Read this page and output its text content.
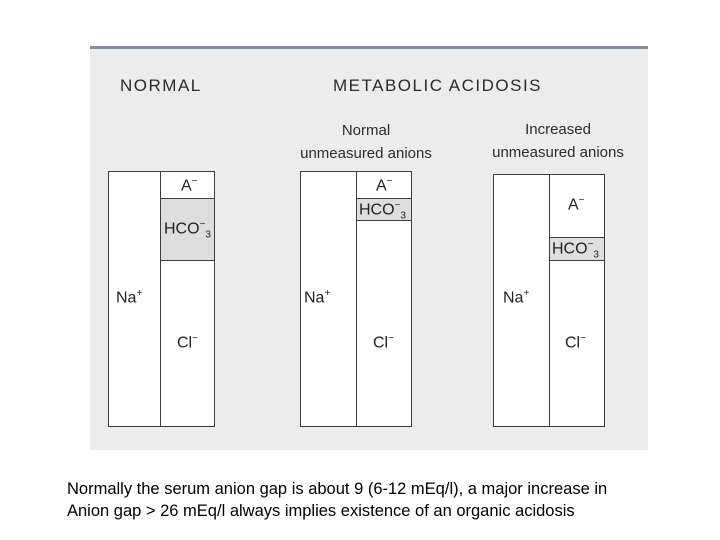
NORMAL	METABOLIC ACIDOSIS
Normal
unmeasured anions
Increased
unmeasured anions
Na+
A−
$HCO^-_3$
Cl−
Na+
A−
$HCO^-_3$
Cl−
Na+
A−
$HCO^-_3$
Cl−
Normally the serum anion gap is about 9 (6-12 mEq/l), a major increase in
Anion gap > 26 mEq/l always implies existence of an organic acidosis
